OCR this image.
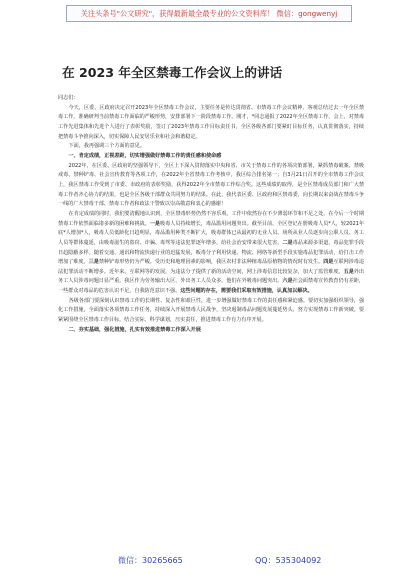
关注头条号"公文研究"，获得最新最全最专业的公文资料库！ 微信：gongwenyj
在 2023 年全区禁毒工作会议上的讲话

同志们：

今天，区委、区政府决定召开2023年全区禁毒工作会议，主要任务是传达贯彻省、市禁毒工作会议精神，客观总结过去一年全区禁毒工作，准确研判当前禁毒工作面临的严峻形势，安排部署下一阶段禁毒工作。刚才，*同志通报了2022年全区禁毒工作，会上，对禁毒工作先进集体和先进个人进行了表彰奖励，签订了2023年禁毒工作目标责任书，全区各级各部门要紧盯目标任务，认真贯彻落实，持续把禁毒斗争推向深入，切实保障人民安居乐业和社会和谐稳定。

下面，我再强调三个方面的意见。

一、肯定成绩，正视差距，切实增强做好禁毒工作的责任感和使命感

2022年，在区委、区政府的坚强领导下，全区上下深入贯彻落实中央和省、市关于禁毒工作的各项决策部署，紧抓禁毒破案、禁吸戒毒、禁种铲毒、社会宣传教育等各项工作，在2022年全省禁毒工作考核中，我区综合排名第一；自3月21日召开的全市禁毒工作会议上，我区禁毒工作受到了市委、市政府的表彰奖励，获得2022年全市禁毒工作综合奖。这些成绩的取得，是全区禁毒成员部门和广大禁毒工作者齐心协力的结果，也是全区各级干部群众共同努力的结果。在此，我代表区委、区政府和区禁毒委，向长期以来奋战在禁毒斗争一线的广大禁毒干部、禁毒工作者和政法干警致以崇高敬意和衷心的感谢！

在肯定成绩的同时，我们要清醒地认识到，全区禁毒形势仍然不容乐观，工作中依然存在不少薄弱环节和不足之处，在今后一个时期禁毒工作依然面临诸多新的困难和挑战。一是吸毒人员持续增长，毒品滥用问题突出。截至目前，全区登记在册吸毒人员*人，较2021年底*人增加*人，吸毒人员低龄化日趋明显，毒品滥用种类不断扩大，吸毒群体已从最初的无业人员、场所从业人员逐步向公职人员、务工人员等群体蔓延，由吸毒滋生的盗窃、诈骗、毒驾等违法犯罪逐年增多，给社会治安带来很大危害。二是毒品来源多渠道，毒品犯罪手段日趋隐蔽多样。随着交通、通讯和物流快递行业的迅猛发展，贩毒分子利用快递、物流、网络等新型手段实施毒品犯罪活动，给打击工作增加了难度。三是禁种铲毒形势仍为严峻。受历史和地理因素的影响，我区农村非法种植毒品原植物的情况时有发生。四是互联网涉毒违法犯罪活动不断增多。近年来，互联网等的发展，为违法分子提供了新的活动空间，网上涉毒信息比较复杂，加大了监管难度。五是外出务工人员涉毒问题日显严重。我区作为劳务输出大区，外出务工人员众多，他们在外吸毒问题突出。六是社会面禁毒宣传教育仍有差距，一些群众对毒品的危害认识不足，自我防范意识不强。这些问题的存在，需要我们采取有效措施，认真加以解决。

各级各部门要深刻认识禁毒工作的长期性、复杂性和艰巨性，进一步增强做好禁毒工作的责任感和紧迫感。要切实加强组织领导，强化工作措施，全面落实各项禁毒工作任务，持续深入开展禁毒人民战争，坚决遏制毒品问题发展蔓延势头，努力实现禁毒工作新突破。要紧紧围绕全区禁毒工作目标，结合实际，科学谋划，压实责任，推进禁毒工作有力有序开展。

二、夯实基础，强化措施，扎实有效推进禁毒工作深入开展

微信：30265665	QQ：535304092
